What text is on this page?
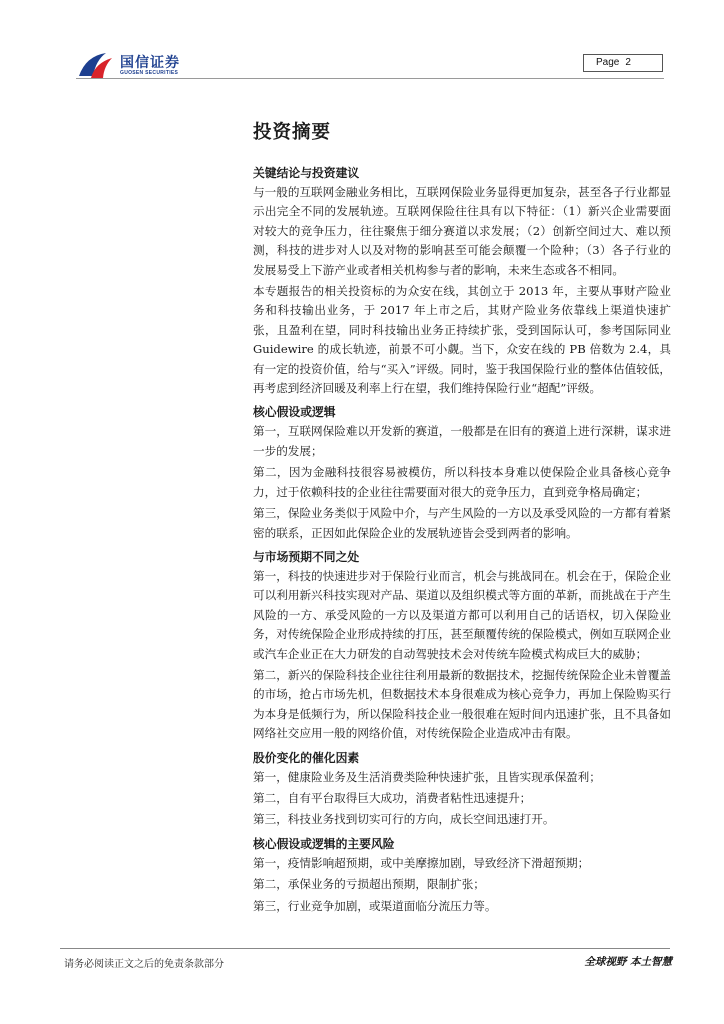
国信证券
GUOSEN SECURITIES
Page 2
投资摘要
关键结论与投资建议

与一般的互联网金融业务相比，互联网保险业务显得更加复杂，甚至各子行业都显示出完全不同的发展轨迹。互联网保险往往具有以下特征：（1）新兴企业需要面对较大的竞争压力，往往聚焦于细分赛道以求发展；（2）创新空间过大、难以预测，科技的进步对人以及对物的影响甚至可能会颠覆一个险种；（3）各子行业的发展易受上下游产业或者相关机构参与者的影响，未来生态或各不相同。

本专题报告的相关投资标的为众安在线，其创立于 2013 年，主要从事财产险业务和科技输出业务，于 2017 年上市之后，其财产险业务依靠线上渠道快速扩张，且盈利在望，同时科技输出业务正持续扩张，受到国际认可，参考国际同业 Guidewire 的成长轨迹，前景不可小觑。当下，众安在线的 PB 倍数为 2.4，具有一定的投资价值，给与“买入”评级。同时，鉴于我国保险行业的整体估值较低，再考虑到经济回暖及利率上行在望，我们维持保险行业“超配”评级。

核心假设或逻辑

第一，互联网保险难以开发新的赛道，一般都是在旧有的赛道上进行深耕，谋求进一步的发展；

第二，因为金融科技很容易被模仿，所以科技本身难以使保险企业具备核心竞争力，过于依赖科技的企业往往需要面对很大的竞争压力，直到竞争格局确定；

第三，保险业务类似于风险中介，与产生风险的一方以及承受风险的一方都有着紧密的联系，正因如此保险企业的发展轨迹皆会受到两者的影响。

与市场预期不同之处

第一，科技的快速进步对于保险行业而言，机会与挑战同在。机会在于，保险企业可以利用新兴科技实现对产品、渠道以及组织模式等方面的革新，而挑战在于产生风险的一方、承受风险的一方以及渠道方都可以利用自己的话语权，切入保险业务，对传统保险企业形成持续的打压，甚至颠覆传统的保险模式，例如互联网企业或汽车企业正在大力研发的自动驾驶技术会对传统车险模式构成巨大的威胁；

第二，新兴的保险科技企业往往利用最新的数据技术，挖掘传统保险企业未曾覆盖的市场，抢占市场先机，但数据技术本身很难成为核心竞争力，再加上保险购买行为本身是低频行为，所以保险科技企业一般很难在短时间内迅速扩张，且不具备如网络社交应用一般的网络价值，对传统保险企业造成冲击有限。

股价变化的催化因素

第一，健康险业务及生活消费类险种快速扩张，且皆实现承保盈利；

第二，自有平台取得巨大成功，消费者粘性迅速提升；

第三，科技业务找到切实可行的方向，成长空间迅速打开。

核心假设或逻辑的主要风险

第一，疫情影响超预期，或中美摩擦加剧，导致经济下滑超预期；

第二，承保业务的亏损超出预期，限制扩张；

第三，行业竞争加剧，或渠道面临分流压力等。

请务必阅读正文之后的免责条款部分	全球视野 本土智慧
